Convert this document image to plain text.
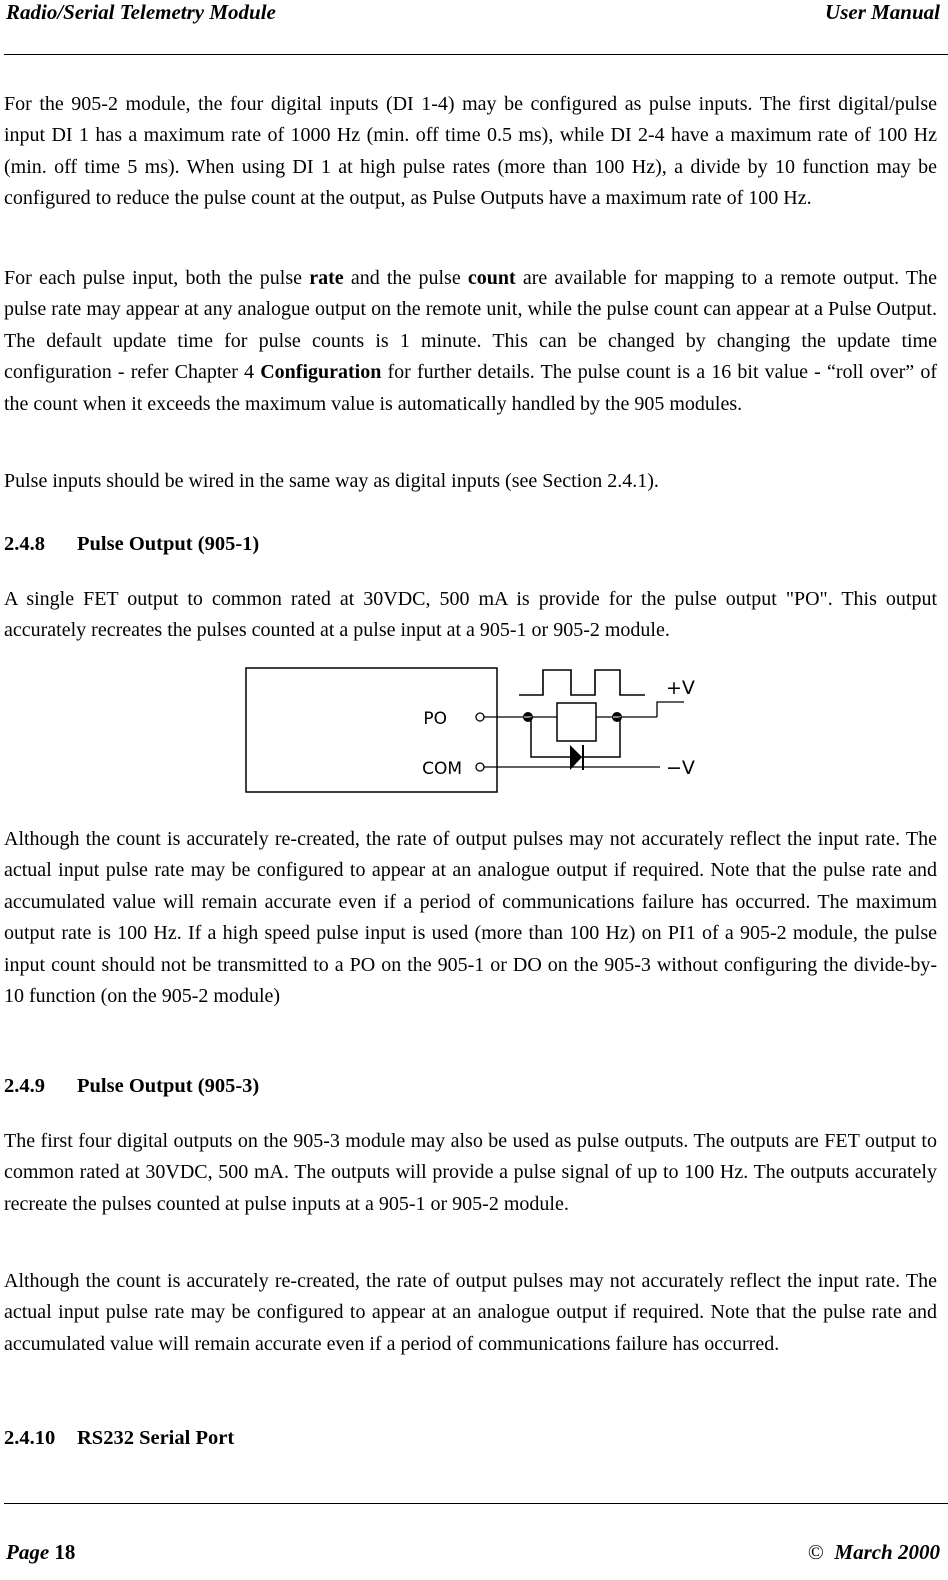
Radio/Serial Telemetry Module	User Manual

For the 905-2 module, the four digital inputs (DI 1-4) may be configured as pulse inputs. The first digital/pulse input DI 1 has a maximum rate of 1000 Hz (min. off time 0.5 ms), while DI 2-4 have a maximum rate of 100 Hz (min. off time 5 ms). When using DI 1 at high pulse rates (more than 100 Hz), a divide by 10 function may be configured to reduce the pulse count at the output, as Pulse Outputs have a maximum rate of 100 Hz.

For each pulse input, both the pulse rate and the pulse count are available for mapping to a remote output. The pulse rate may appear at any analogue output on the remote unit, while the pulse count can appear at a Pulse Output. The default update time for pulse counts is 1 minute. This can be changed by changing the update time configuration - refer Chapter 4 Configuration for further details. The pulse count is a 16 bit value - “roll over” of the count when it exceeds the maximum value is automatically handled by the 905 modules.

Pulse inputs should be wired in the same way as digital inputs (see Section 2.4.1).

2.4.8 Pulse Output (905-1)

A single FET output to common rated at 30VDC, 500 mA is provide for the pulse output "PO". This output accurately recreates the pulses counted at a pulse input at a 905-1 or 905-2 module.

PO
COM
+V
−V

Although the count is accurately re-created, the rate of output pulses may not accurately reflect the input rate. The actual input pulse rate may be configured to appear at an analogue output if required. Note that the pulse rate and accumulated value will remain accurate even if a period of communications failure has occurred. The maximum output rate is 100 Hz. If a high speed pulse input is used (more than 100 Hz) on PI1 of a 905-2 module, the pulse input count should not be transmitted to a PO on the 905-1 or DO on the 905-3 without configuring the divide-by-10 function (on the 905-2 module)

2.4.9 Pulse Output (905-3)

The first four digital outputs on the 905-3 module may also be used as pulse outputs. The outputs are FET output to common rated at 30VDC, 500 mA. The outputs will provide a pulse signal of up to 100 Hz. The outputs accurately recreate the pulses counted at pulse inputs at a 905-1 or 905-2 module.

Although the count is accurately re-created, the rate of output pulses may not accurately reflect the input rate. The actual input pulse rate may be configured to appear at an analogue output if required. Note that the pulse rate and accumulated value will remain accurate even if a period of communications failure has occurred.

2.4.10 RS232 Serial Port
Page 18	© March 2000
